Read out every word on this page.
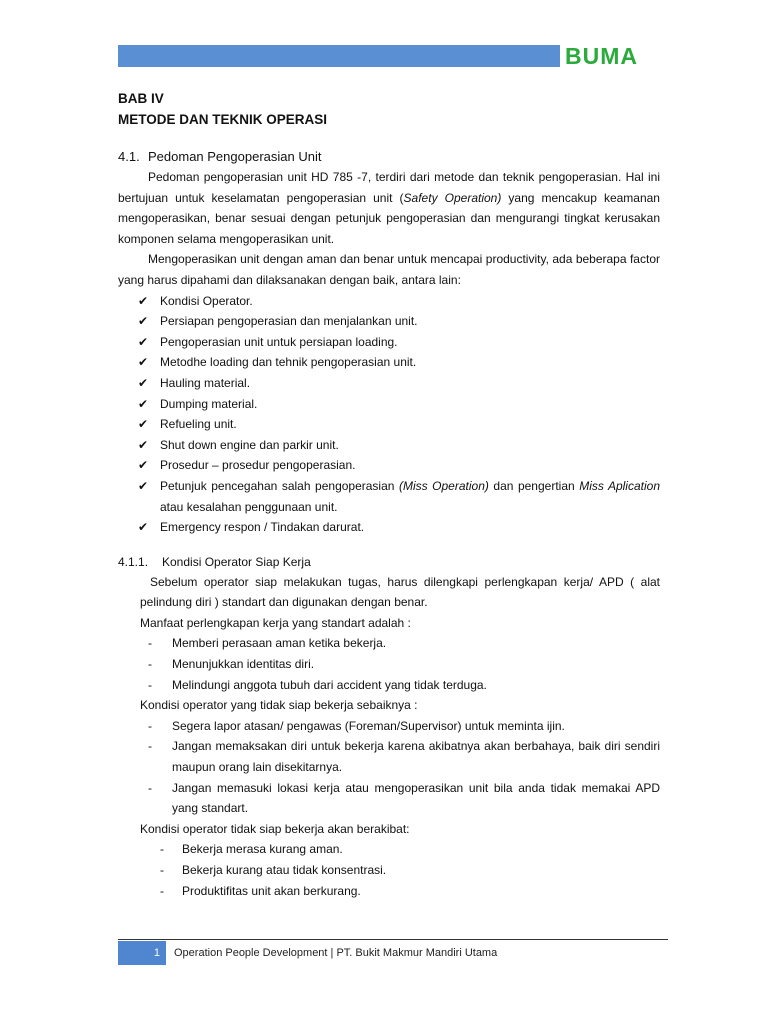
BUMA
BAB IV
METODE DAN TEKNIK OPERASI
4.1. Pedoman Pengoperasian Unit

Pedoman pengoperasian unit HD 785 -7, terdiri dari metode dan teknik pengoperasian. Hal ini bertujuan untuk keselamatan pengoperasian unit (Safety Operation) yang mencakup keamanan mengoperasikan, benar sesuai dengan petunjuk pengoperasian dan mengurangi tingkat kerusakan komponen selama mengoperasikan unit.

Mengoperasikan unit dengan aman dan benar untuk mencapai productivity, ada beberapa factor yang harus dipahami dan dilaksanakan dengan baik, antara lain:

✔ Kondisi Operator.
✔ Persiapan pengoperasian dan menjalankan unit.
✔ Pengoperasian unit untuk persiapan loading.
✔ Metodhe loading dan tehnik pengoperasian unit.
✔ Hauling material.
✔ Dumping material.
✔ Refueling unit.
✔ Shut down engine dan parkir unit.
✔ Prosedur – prosedur pengoperasian.
✔ Petunjuk pencegahan salah pengoperasian (Miss Operation) dan pengertian Miss Aplication atau kesalahan penggunaan unit.
✔ Emergency respon / Tindakan darurat.
4.1.1. Kondisi Operator Siap Kerja

Sebelum operator siap melakukan tugas, harus dilengkapi perlengkapan kerja/ APD ( alat pelindung diri ) standart dan digunakan dengan benar.

Manfaat perlengkapan kerja yang standart adalah :

- Memberi perasaan aman ketika bekerja.
- Menunjukkan identitas diri.
- Melindungi anggota tubuh dari accident yang tidak terduga.

Kondisi operator yang tidak siap bekerja sebaiknya :

- Segera lapor atasan/ pengawas (Foreman/Supervisor) untuk meminta ijin.
- Jangan memaksakan diri untuk bekerja karena akibatnya akan berbahaya, baik diri sendiri maupun orang lain disekitarnya.
- Jangan memasuki lokasi kerja atau mengoperasikan unit bila anda tidak memakai APD yang standart.

Kondisi operator tidak siap bekerja akan berakibat:

- Bekerja merasa kurang aman.
- Bekerja kurang atau tidak konsentrasi.
- Produktifitas unit akan berkurang.
1	Operation People Development | PT. Bukit Makmur Mandiri Utama
